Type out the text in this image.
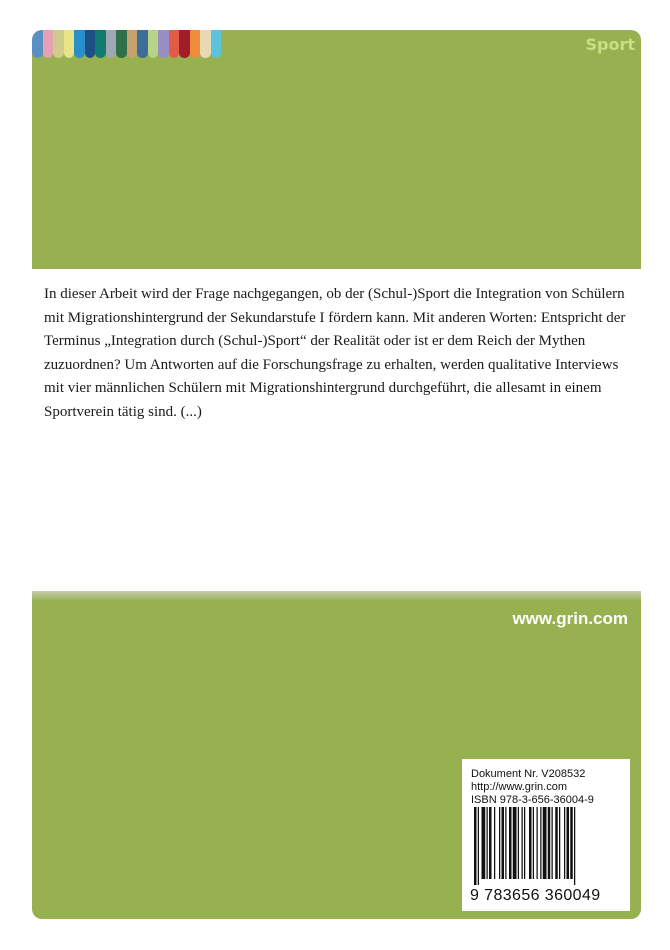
Sport

In dieser Arbeit wird der Frage nachgegangen, ob der (Schul-)Sport die Integration von Schülern mit Migrationshintergrund der Sekundarstufe I fördern kann. Mit anderen Worten: Entspricht der Terminus „Integration durch (Schul-)Sport“ der Realität oder ist er dem Reich der Mythen zuzuordnen? Um Antworten auf die Forschungsfrage zu erhalten, werden qualitative Interviews mit vier männlichen Schülern mit Migrationshintergrund durchgeführt, die allesamt in einem Sportverein tätig sind. (...)

www.grin.com
Dokument Nr. V208532
http://www.grin.com
ISBN 978-3-656-36004-9
9 783656 360049
